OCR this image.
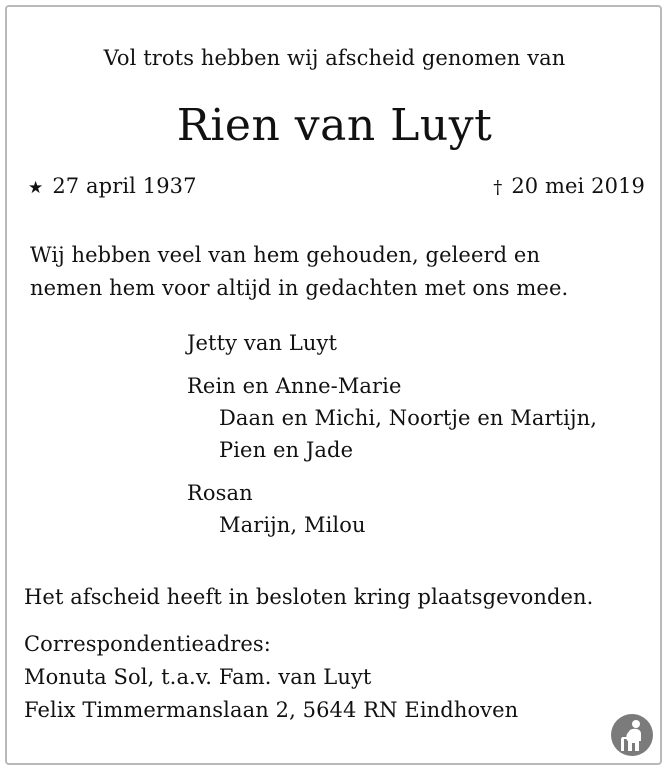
Vol trots hebben wij afscheid genomen van
Rien van Luyt
★ 27 april 1937	† 20 mei 2019
Wij hebben veel van hem gehouden, geleerd en
nemen hem voor altijd in gedachten met ons mee.
Jetty van Luyt
Rein en Anne-Marie
Daan en Michi, Noortje en Martijn,
Pien en Jade
Rosan
Marijn, Milou
Het afscheid heeft in besloten kring plaatsgevonden.
Correspondentieadres:
Monuta Sol, t.a.v. Fam. van Luyt
Felix Timmermanslaan 2, 5644 RN Eindhoven
